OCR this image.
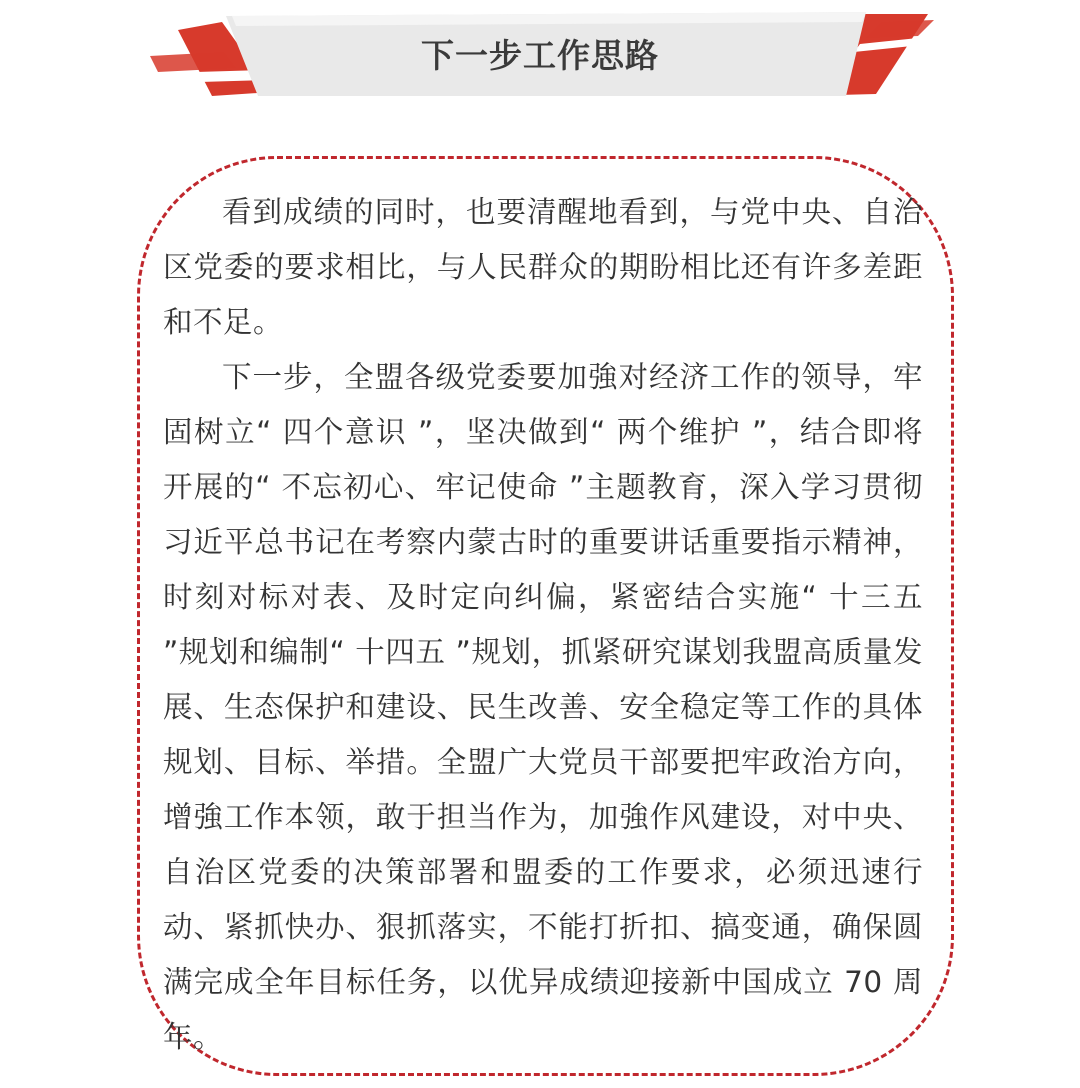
下一步工作思路

看到成绩的同时，也要清醒地看到，与党中央、自治区党委的要求相比，与人民群众的期盼相比还有许多差距和不足。

下一步，全盟各级党委要加強对经济工作的领导，牢固树立“ 四个意识 ”，坚决做到“ 两个维护 ”，结合即将开展的“ 不忘初心、牢记使命 ”主题教育，深入学习贯彻习近平总书记在考察内蒙古时的重要讲话重要指示精神，时刻对标对表、及时定向纠偏，紧密结合实施“ 十三五 ”规划和编制“ 十四五 ”规划，抓紧研究谋划我盟高质量发展、生态保护和建设、民生改善、安全稳定等工作的具体规划、目标、举措。全盟广大党员干部要把牢政治方向，增強工作本领，敢于担当作为，加強作风建设，对中央、自治区党委的决策部署和盟委的工作要求，必须迅速行动、紧抓快办、狠抓落实，不能打折扣、搞变通，确保圆满完成全年目标任务，以优异成绩迎接新中国成立 70 周年。
